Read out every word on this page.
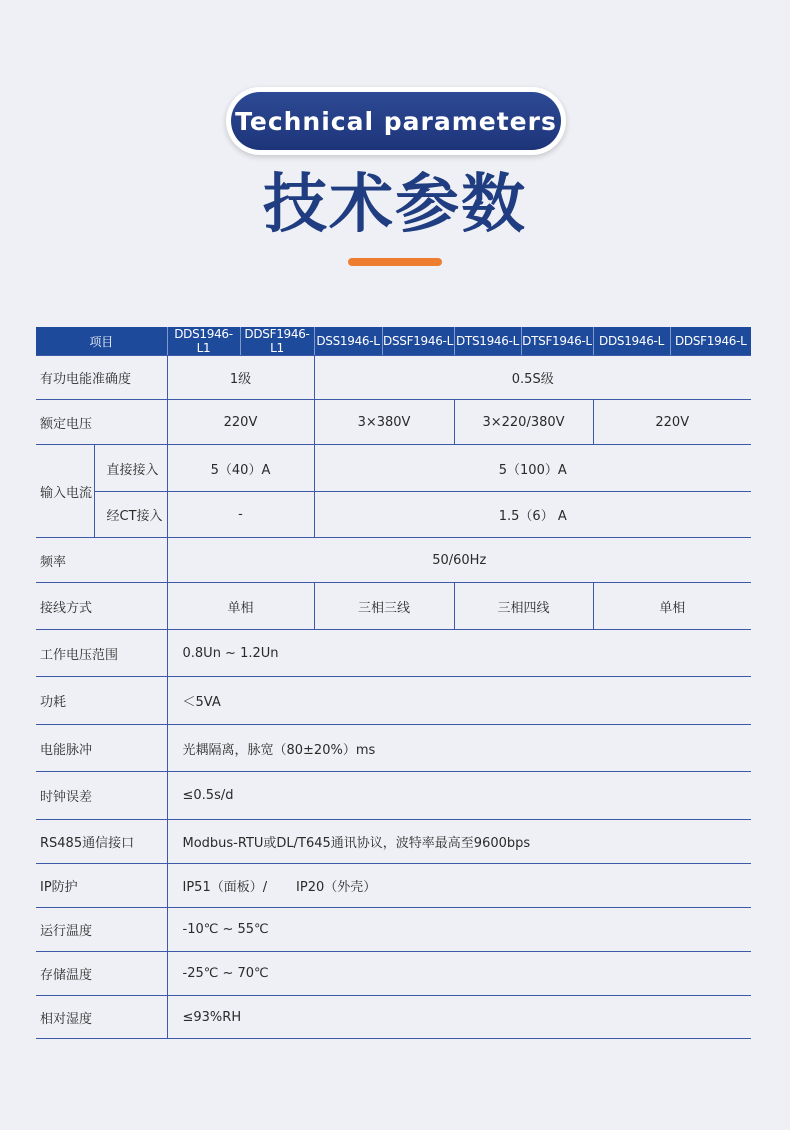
Technical parameters
技术参数
项目		DDS1946-L1	DDSF1946-L1	DSS1946-L	DSSF1946-L	DTS1946-L	DTSF1946-L	DDS1946-L	DDSF1946-L
有功电能准确度		1级		0.5S级					
额定电压		220V		3×380V		3×220/380V		220V	
输入电流	直接接入	5（40）A		5（100）A					
	经CT接入	-		1.5（6） A					
频率		50/60Hz							
接线方式		单相		三相三线		三相四线		单相	
工作电压范围		0.8Un ~ 1.2Un							
功耗		＜5VA							
电能脉冲		光耦隔离，脉宽（80±20%）ms							
时钟误差		≤0.5s/d							
RS485通信接口		Modbus-RTU或DL/T645通讯协议，波特率最高至9600bps							
IP防护		IP51（面板）/       IP20（外壳）							
运行温度		-10℃ ~ 55℃							
存储温度		-25℃ ~ 70℃							
相对湿度		≤93%RH							
